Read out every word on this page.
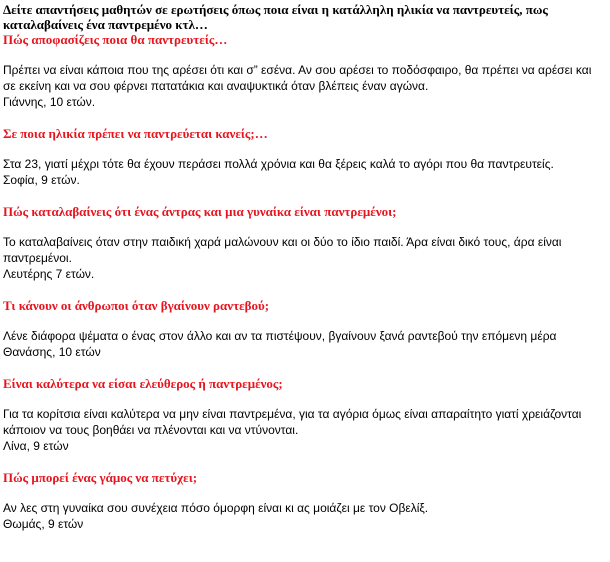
Δείτε απαντήσεις μαθητών σε ερωτήσεις όπως ποια είναι η κατάλληλη ηλικία να παντρευτείς, πως καταλαβαίνεις ένα παντρεμένο κτλ…

Πώς αποφασίζεις ποια θα παντρευτείς…

Πρέπει να είναι κάποια που της αρέσει ότι και σ” εσένα. Αν σου αρέσει το ποδόσφαιρο, θα πρέπει να αρέσει και σε εκείνη και να σου φέρνει πατατάκια και αναψυκτικά όταν βλέπεις έναν αγώνα.

Γιάννης, 10 ετών.

Σε ποια ηλικία πρέπει να παντρεύεται κανείς;…

Στα 23, γιατί μέχρι τότε θα έχουν περάσει πολλά χρόνια και θα ξέρεις καλά το αγόρι που θα παντρευτείς.

Σοφία, 9 ετών.

Πώς καταλαβαίνεις ότι ένας άντρας και μια γυναίκα είναι παντρεμένοι;

Το καταλαβαίνεις όταν στην παιδική χαρά μαλώνουν και οι δύο το ίδιο παιδί. Άρα είναι δικό τους, άρα είναι παντρεμένοι.

Λευτέρης 7 ετών.

Τι κάνουν οι άνθρωποι όταν βγαίνουν ραντεβού;

Λένε διάφορα ψέματα ο ένας στον άλλο και αν τα πιστέψουν, βγαίνουν ξανά ραντεβού την επόμενη μέρα

Θανάσης, 10 ετών

Είναι καλύτερα να είσαι ελεύθερος ή παντρεμένος;

Για τα κορίτσια είναι καλύτερα να μην είναι παντρεμένα, για τα αγόρια όμως είναι απαραίτητο γιατί χρειάζονται κάποιον να τους βοηθάει να πλένονται και να ντύνονται.

Λίνα, 9 ετών

Πώς μπορεί ένας γάμος να πετύχει;

Αν λες στη γυναίκα σου συνέχεια πόσο όμορφη είναι κι ας μοιάζει με τον Οβελίξ.

Θωμάς, 9 ετών
